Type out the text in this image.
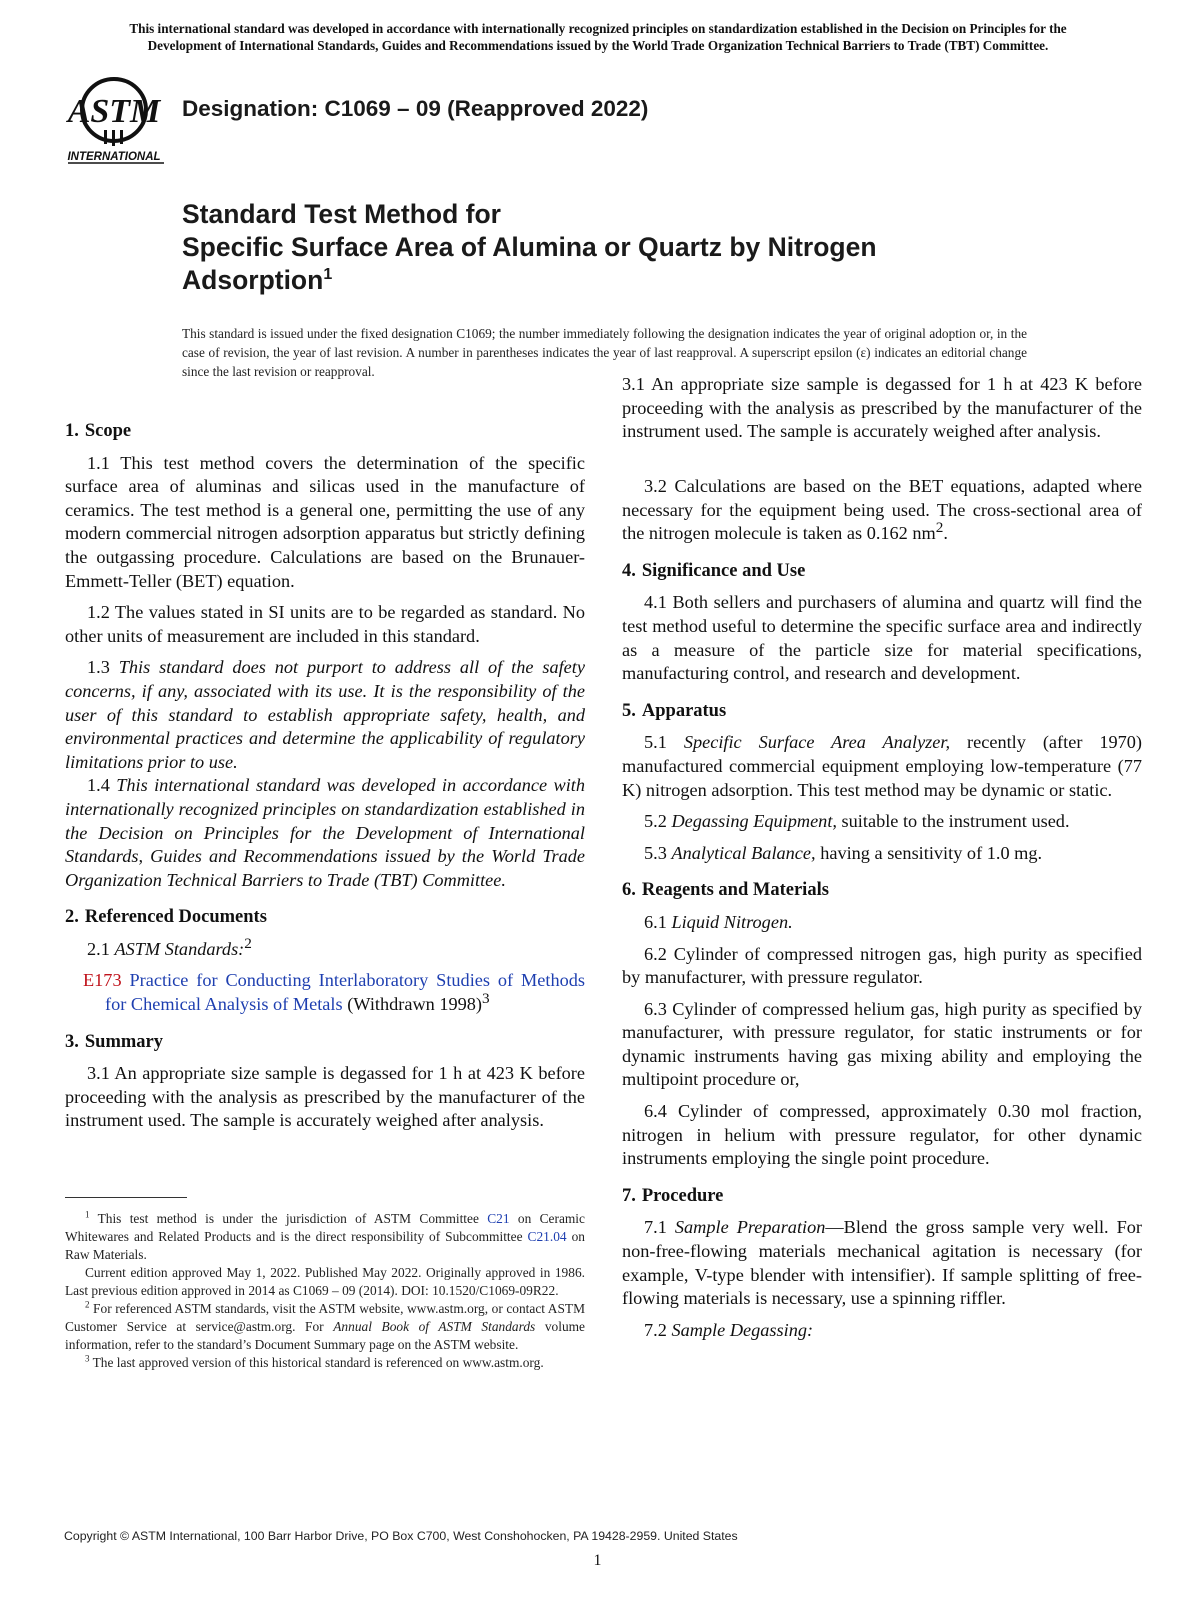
This international standard was developed in accordance with internationally recognized principles on standardization established in the Decision on Principles for the
Development of International Standards, Guides and Recommendations issued by the World Trade Organization Technical Barriers to Trade (TBT) Committee.
ASTM
INTERNATIONAL
Designation: C1069 – 09 (Reapproved 2022)
Standard Test Method for
Specific Surface Area of Alumina or Quartz by Nitrogen
Adsorption$^1$
This standard is issued under the fixed designation C1069; the number immediately following the designation indicates the year of original adoption or, in the case of revision, the year of last revision. A number in parentheses indicates the year of last reapproval. A superscript epsilon (ε) indicates an editorial change since the last revision or reapproval.
1. Scope

1.1 This test method covers the determination of the specific surface area of aluminas and silicas used in the manufacture of ceramics. The test method is a general one, permitting the use of any modern commercial nitrogen adsorption apparatus but strictly defining the outgassing procedure. Calculations are based on the Brunauer-Emmett-Teller (BET) equation.

1.2 The values stated in SI units are to be regarded as standard. No other units of measurement are included in this standard.

1.3 This standard does not purport to address all of the safety concerns, if any, associated with its use. It is the responsibility of the user of this standard to establish appropriate safety, health, and environmental practices and determine the applicability of regulatory limitations prior to use.

1.4 This international standard was developed in accordance with internationally recognized principles on standardization established in the Decision on Principles for the Development of International Standards, Guides and Recommendations issued by the World Trade Organization Technical Barriers to Trade (TBT) Committee.

2. Referenced Documents

2.1 ASTM Standards:$^2$

E173 Practice for Conducting Interlaboratory Studies of Methods for Chemical Analysis of Metals (Withdrawn 1998)$^3$

3. Summary

3.1 An appropriate size sample is degassed for 1 h at 423 K before proceeding with the analysis as prescribed by the manufacturer of the instrument used. The sample is accurately weighed after analysis.

3.1 An appropriate size sample is degassed for 1 h at 423 K before proceeding with the analysis as prescribed by the manufacturer of the instrument used. The sample is accurately weighed after analysis.

3.2 Calculations are based on the BET equations, adapted where necessary for the equipment being used. The cross-sectional area of the nitrogen molecule is taken as 0.162 $nm^2$.

4. Significance and Use

4.1 Both sellers and purchasers of alumina and quartz will find the test method useful to determine the specific surface area and indirectly as a measure of the particle size for material specifications, manufacturing control, and research and development.

5. Apparatus

5.1 Specific Surface Area Analyzer, recently (after 1970) manufactured commercial equipment employing low-temperature (77 K) nitrogen adsorption. This test method may be dynamic or static.

5.2 Degassing Equipment, suitable to the instrument used.

5.3 Analytical Balance, having a sensitivity of 1.0 mg.

6. Reagents and Materials

6.1 Liquid Nitrogen.

6.2 Cylinder of compressed nitrogen gas, high purity as specified by manufacturer, with pressure regulator.

6.3 Cylinder of compressed helium gas, high purity as specified by manufacturer, with pressure regulator, for static instruments or for dynamic instruments having gas mixing ability and employing the multipoint procedure or,

6.4 Cylinder of compressed, approximately 0.30 mol fraction, nitrogen in helium with pressure regulator, for other dynamic instruments employing the single point procedure.

7. Procedure

7.1 Sample Preparation—Blend the gross sample very well. For non-free-flowing materials mechanical agitation is necessary (for example, V-type blender with intensifier). If sample splitting of free-flowing materials is necessary, use a spinning riffler.

7.2 Sample Degassing:

$^1$ This test method is under the jurisdiction of ASTM Committee C21 on Ceramic Whitewares and Related Products and is the direct responsibility of Subcommittee C21.04 on Raw Materials.

Current edition approved May 1, 2022. Published May 2022. Originally approved in 1986. Last previous edition approved in 2014 as C1069 – 09 (2014). DOI: 10.1520/C1069-09R22.

$^2$ For referenced ASTM standards, visit the ASTM website, www.astm.org, or contact ASTM Customer Service at service@astm.org. For Annual Book of ASTM Standards volume information, refer to the standard’s Document Summary page on the ASTM website.

$^3$ The last approved version of this historical standard is referenced on www.astm.org.

Copyright © ASTM International, 100 Barr Harbor Drive, PO Box C700, West Conshohocken, PA 19428-2959. United States
1
